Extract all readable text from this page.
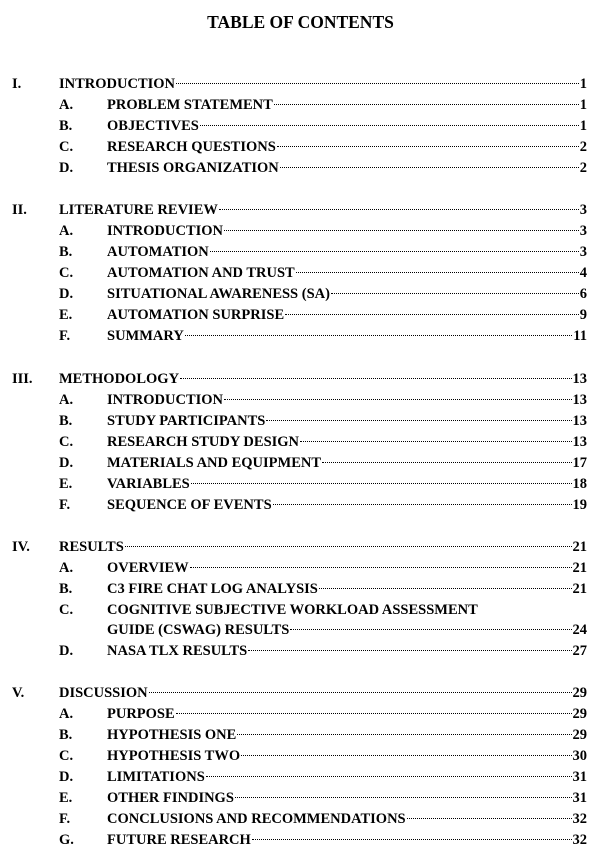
TABLE OF CONTENTS
I.	INTRODUCTION	1
A. PROBLEM STATEMENT	1
B. OBJECTIVES	1
C. RESEARCH QUESTIONS	2
D. THESIS ORGANIZATION	2
II. LITERATURE REVIEW	3
A. INTRODUCTION	3
B. AUTOMATION	3
C. AUTOMATION AND TRUST	4
D. SITUATIONAL AWARENESS (SA)	6
E. AUTOMATION SURPRISE	9
F.	SUMMARY	11
III. METHODOLOGY	13
A. INTRODUCTION	13
B. STUDY PARTICIPANTS	13
C. RESEARCH STUDY DESIGN	13
D. MATERIALS AND EQUIPMENT	17
E. VARIABLES	18
F.	SEQUENCE OF EVENTS	19
IV. RESULTS	21
A. OVERVIEW	21
B. C3 FIRE CHAT LOG ANALYSIS	21
C. COGNITIVE SUBJECTIVE WORKLOAD ASSESSMENT
GUIDE (CSWAG) RESULTS	24
D. NASA TLX RESULTS	27
V. DISCUSSION	29
A. PURPOSE	29
B. HYPOTHESIS ONE	29
C. HYPOTHESIS TWO	30
D. LIMITATIONS	31
E. OTHER FINDINGS	31
F.	CONCLUSIONS AND RECOMMENDATIONS	32
G. FUTURE RESEARCH	32
